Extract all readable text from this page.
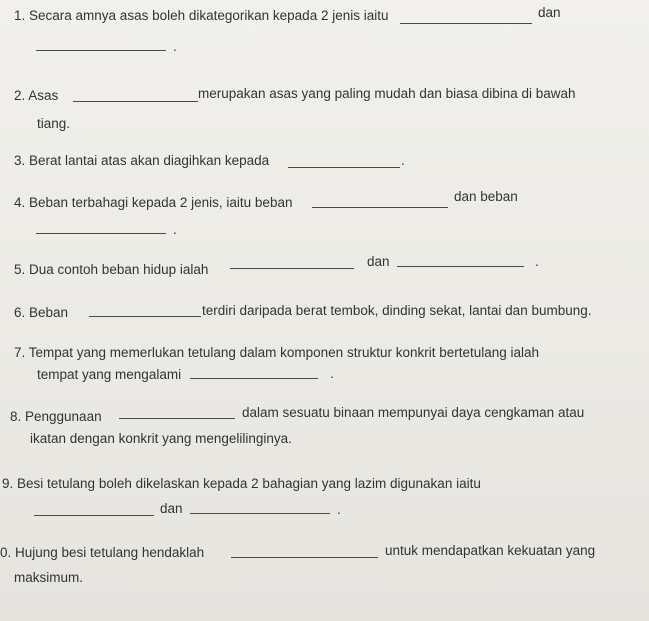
1. Secara amnya asas boleh dikategorikan kepada 2 jenis iaitu	dan
.
2. Asas	merupakan asas yang paling mudah dan biasa dibina di bawah
tiang.
3. Berat lantai atas akan diagihkan kepada	.
4. Beban terbahagi kepada 2 jenis, iaitu beban	dan beban
.
5. Dua contoh beban hidup ialah
dan	.
6. Beban	terdiri daripada berat tembok, dinding sekat, lantai dan bumbung.
7. Tempat yang memerlukan tetulang dalam komponen struktur konkrit bertetulang ialah
tempat yang mengalami	.
8. Penggunaan	dalam sesuatu binaan mempunyai daya cengkaman atau
ikatan dengan konkrit yang mengelilinginya.
9. Besi tetulang boleh dikelaskan kepada 2 bahagian yang lazim digunakan iaitu
dan	.
0. Hujung besi tetulang hendaklah	untuk mendapatkan kekuatan yang
maksimum.
